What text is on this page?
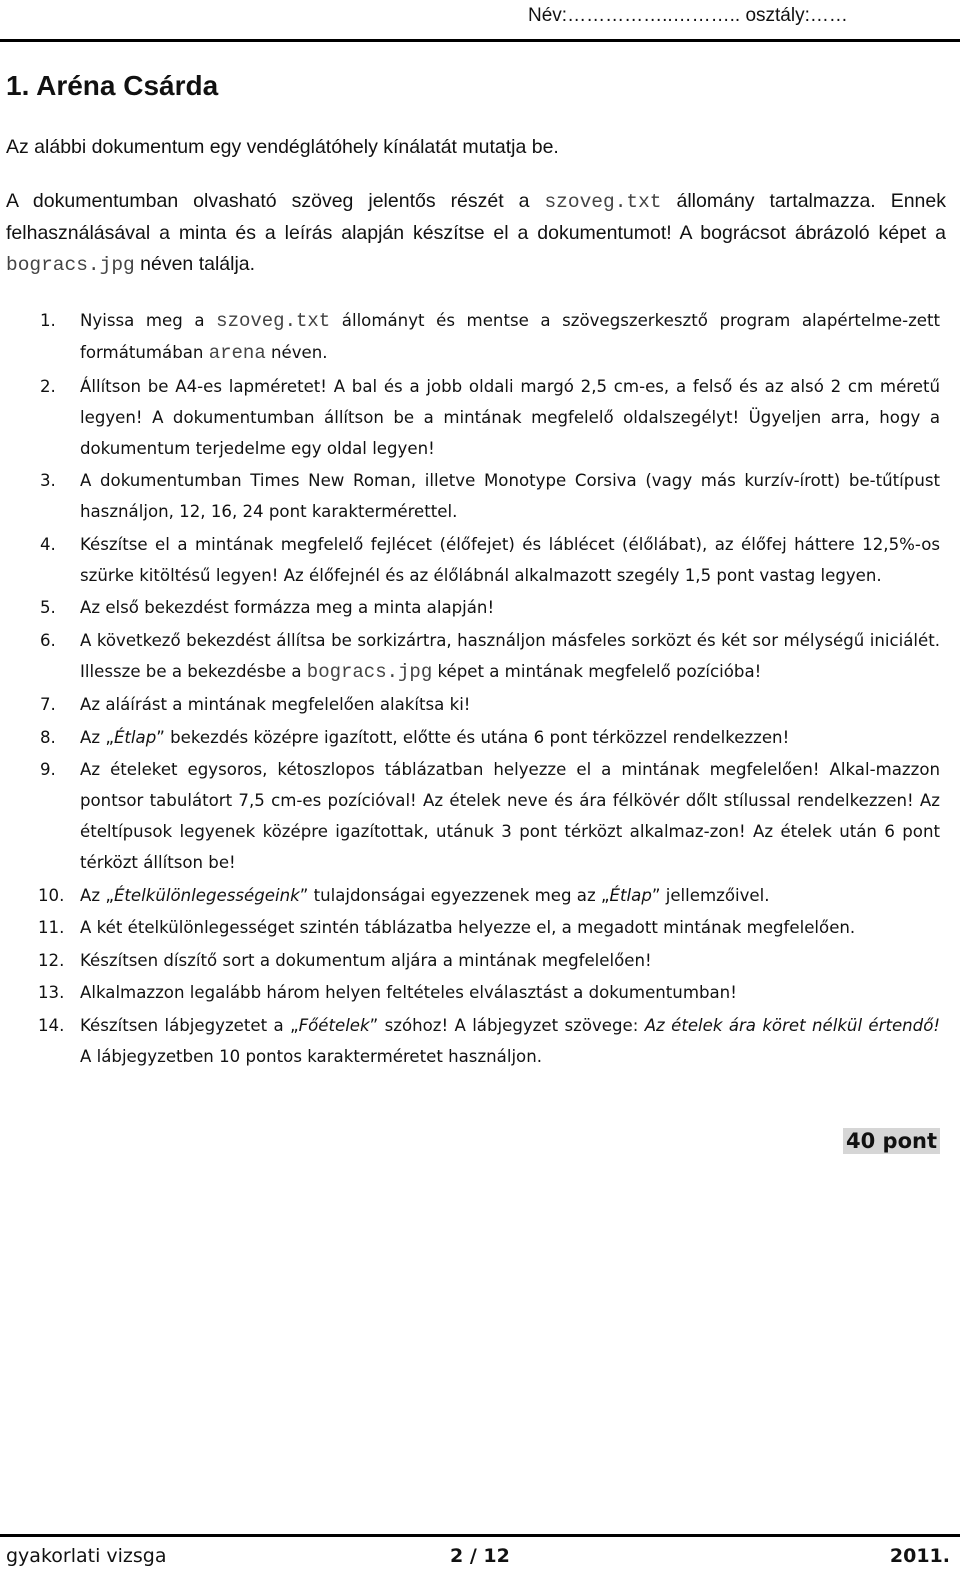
Név:……………..……….. osztály:……
1. Aréna Csárda

Az alábbi dokumentum egy vendéglátóhely kínálatát mutatja be.

A dokumentumban olvasható szöveg jelentős részét a szoveg.txt állomány tartalmazza. Ennek felhasználásával a minta és a leírás alapján készítse el a dokumentumot! A bográcsot ábrázoló képet a bogracs.jpg néven találja.

1.	Nyissa meg a szoveg.txt állományt és mentse a szövegszerkesztő program alapértelme-zett formátumában arena néven.
2.	Állítson be A4-es lapméretet! A bal és a jobb oldali margó 2,5 cm-es, a felső és az alsó 2 cm méretű legyen! A dokumentumban állítson be a mintának megfelelő oldalszegélyt! Ügyeljen arra, hogy a dokumentum terjedelme egy oldal legyen!
3.	A dokumentumban Times New Roman, illetve Monotype Corsiva (vagy más kurzív-írott) be-tűtípust használjon, 12, 16, 24 pont karaktermérettel.
4.	Készítse el a mintának megfelelő fejlécet (élőfejet) és láblécet (élőlábat), az élőfej háttere 12,5%-os szürke kitöltésű legyen! Az élőfejnél és az élőlábnál alkalmazott szegély 1,5 pont vastag legyen.
5.	Az első bekezdést formázza meg a minta alapján!
6.	A következő bekezdést állítsa be sorkizártra, használjon másfeles sorközt és két sor mélységű iniciálét. Illessze be a bekezdésbe a bogracs.jpg képet a mintának megfelelő pozícióba!
7.	Az aláírást a mintának megfelelően alakítsa ki!
8.	Az „Étlap” bekezdés középre igazított, előtte és utána 6 pont térközzel rendelkezzen!
9.	Az ételeket egysoros, kétoszlopos táblázatban helyezze el a mintának megfelelően! Alkal-mazzon pontsor tabulátort 7,5 cm-es pozícióval! Az ételek neve és ára félkövér dőlt stílussal rendelkezzen! Az ételtípusok legyenek középre igazítottak, utánuk 3 pont térközt alkalmaz-zon! Az ételek után 6 pont térközt állítson be!
10. Az „Ételkülönlegességeink” tulajdonságai egyezzenek meg az „Étlap” jellemzőivel.
11. A két ételkülönlegességet szintén táblázatba helyezze el, a megadott mintának megfelelően.
12. Készítsen díszítő sort a dokumentum aljára a mintának megfelelően!
13. Alkalmazzon legalább három helyen feltételes elválasztást a dokumentumban!
14. Készítsen lábjegyzetet a „Főételek” szóhoz! A lábjegyzet szövege: Az ételek ára köret nélkül értendő! A lábjegyzetben 10 pontos karakterméretet használjon.
40 pont
gyakorlati vizsga	2 / 12	2011.
